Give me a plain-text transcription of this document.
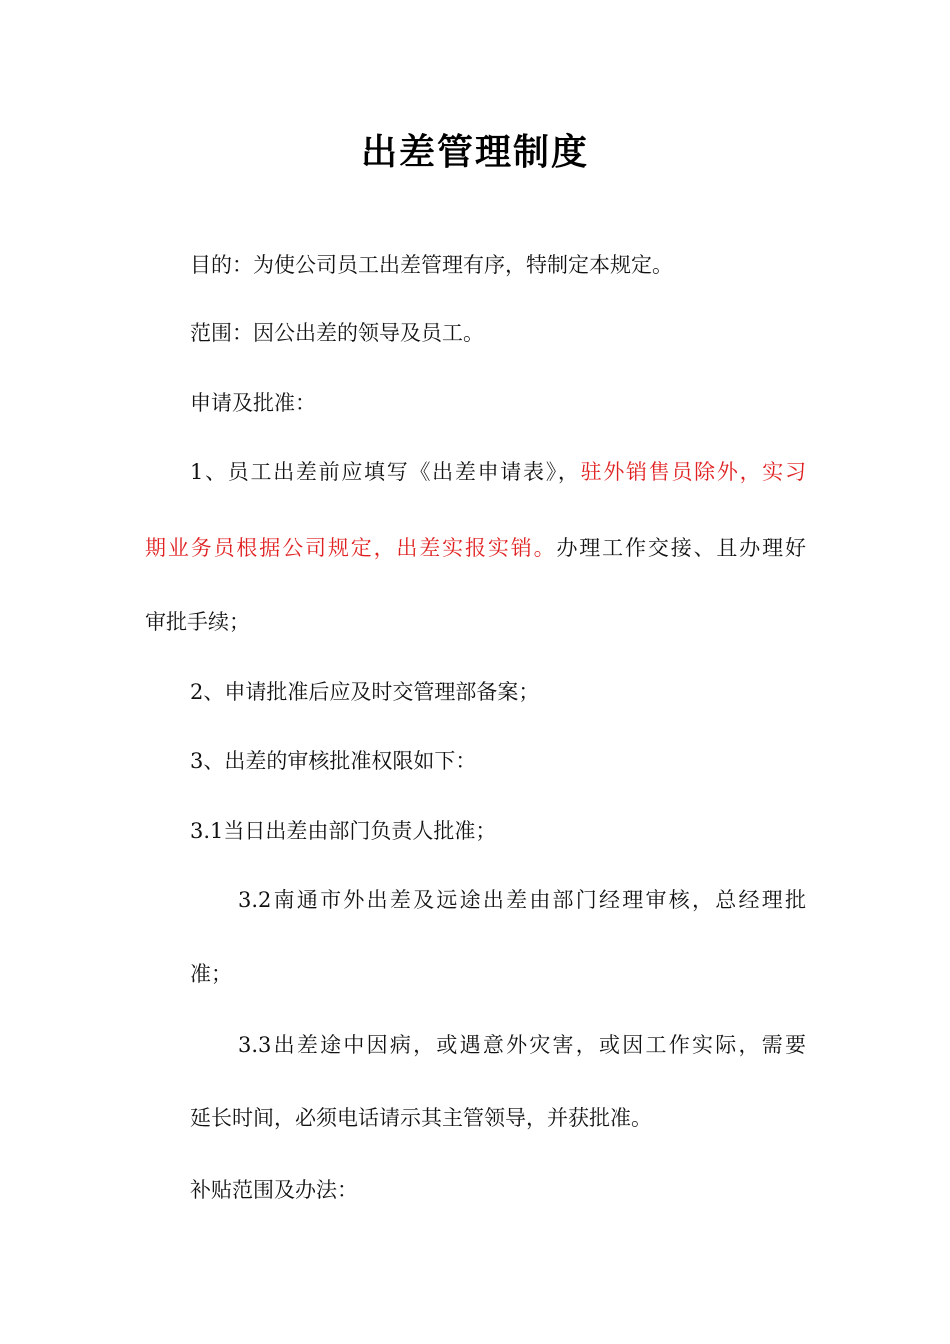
出差管理制度
目的：为使公司员工出差管理有序，特制定本规定。
范围：因公出差的领导及员工。
申请及批准：
1、员工出差前应填写《出差申请表》，驻外销售员除外，实习
期业务员根据公司规定，出差实报实销。办理工作交接、且办理好
审批手续；
2、申请批准后应及时交管理部备案；
3、出差的审核批准权限如下：
3.1当日出差由部门负责人批准；
3.2南通市外出差及远途出差由部门经理审核，总经理批
准；
3.3出差途中因病，或遇意外灾害，或因工作实际，需要
延长时间，必须电话请示其主管领导，并获批准。
补贴范围及办法：
